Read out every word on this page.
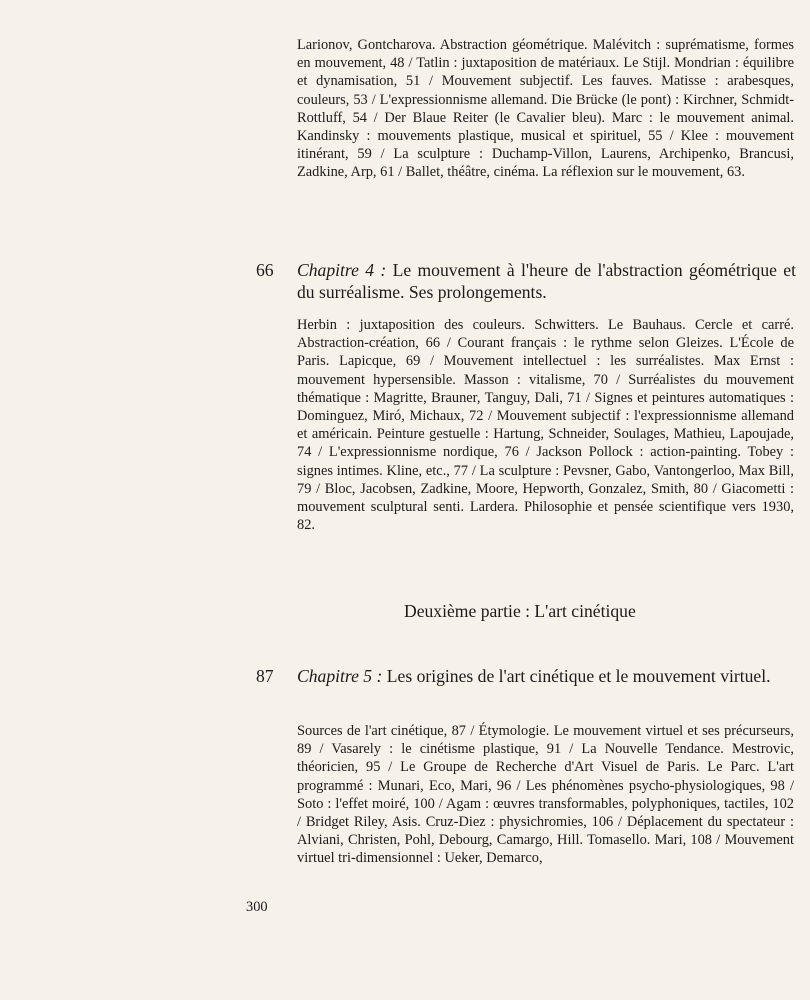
Larionov, Gontcharova. Abstraction géométrique. Malévitch : suprématisme, formes en mouvement, 48 / Tatlin : juxtaposition de matériaux. Le Stijl. Mondrian : équilibre et dynamisation, 51 / Mouvement subjectif. Les fauves. Matisse : arabesques, couleurs, 53 / L'expressionnisme allemand. Die Brücke (le pont) : Kirchner, Schmidt-Rottluff, 54 / Der Blaue Reiter (le Cavalier bleu). Marc : le mouvement animal. Kandinsky : mouvements plastique, musical et spirituel, 55 / Klee : mouvement itinérant, 59 / La sculpture : Duchamp-Villon, Laurens, Archipenko, Brancusi, Zadkine, Arp, 61 / Ballet, théâtre, cinéma. La réflexion sur le mouvement, 63.

66 Chapitre 4 : Le mouvement à l'heure de l'abstraction géométrique et du surréalisme. Ses prolongements.

Herbin : juxtaposition des couleurs. Schwitters. Le Bauhaus. Cercle et carré. Abstraction-création, 66 / Courant français : le rythme selon Gleizes. L'École de Paris. Lapicque, 69 / Mouvement intellectuel : les surréalistes. Max Ernst : mouvement hypersensible. Masson : vitalisme, 70 / Surréalistes du mouvement thématique : Magritte, Brauner, Tanguy, Dali, 71 / Signes et peintures automatiques : Dominguez, Miró, Michaux, 72 / Mouvement subjectif : l'expressionnisme allemand et américain. Peinture gestuelle : Hartung, Schneider, Soulages, Mathieu, Lapoujade, 74 / L'expressionnisme nordique, 76 / Jackson Pollock : action-painting. Tobey : signes intimes. Kline, etc., 77 / La sculpture : Pevsner, Gabo, Vantongerloo, Max Bill, 79 / Bloc, Jacobsen, Zadkine, Moore, Hepworth, Gonzalez, Smith, 80 / Giacometti : mouvement sculptural senti. Lardera. Philosophie et pensée scientifique vers 1930, 82.

Deuxième partie : L'art cinétique
87 Chapitre 5 : Les origines de l'art cinétique et le mouvement virtuel.

Sources de l'art cinétique, 87 / Étymologie. Le mouvement virtuel et ses précurseurs, 89 / Vasarely : le cinétisme plastique, 91 / La Nouvelle Tendance. Mestrovic, théoricien, 95 / Le Groupe de Recherche d'Art Visuel de Paris. Le Parc. L'art programmé : Munari, Eco, Mari, 96 / Les phénomènes psycho-physiologiques, 98 / Soto : l'effet moiré, 100 / Agam : œuvres transformables, polyphoniques, tactiles, 102 / Bridget Riley, Asis. Cruz-Diez : physichromies, 106 / Déplacement du spectateur : Alviani, Christen, Pohl, Debourg, Camargo, Hill. Tomasello. Mari, 108 / Mouvement virtuel tri-dimensionnel : Ueker, Demarco,

300
